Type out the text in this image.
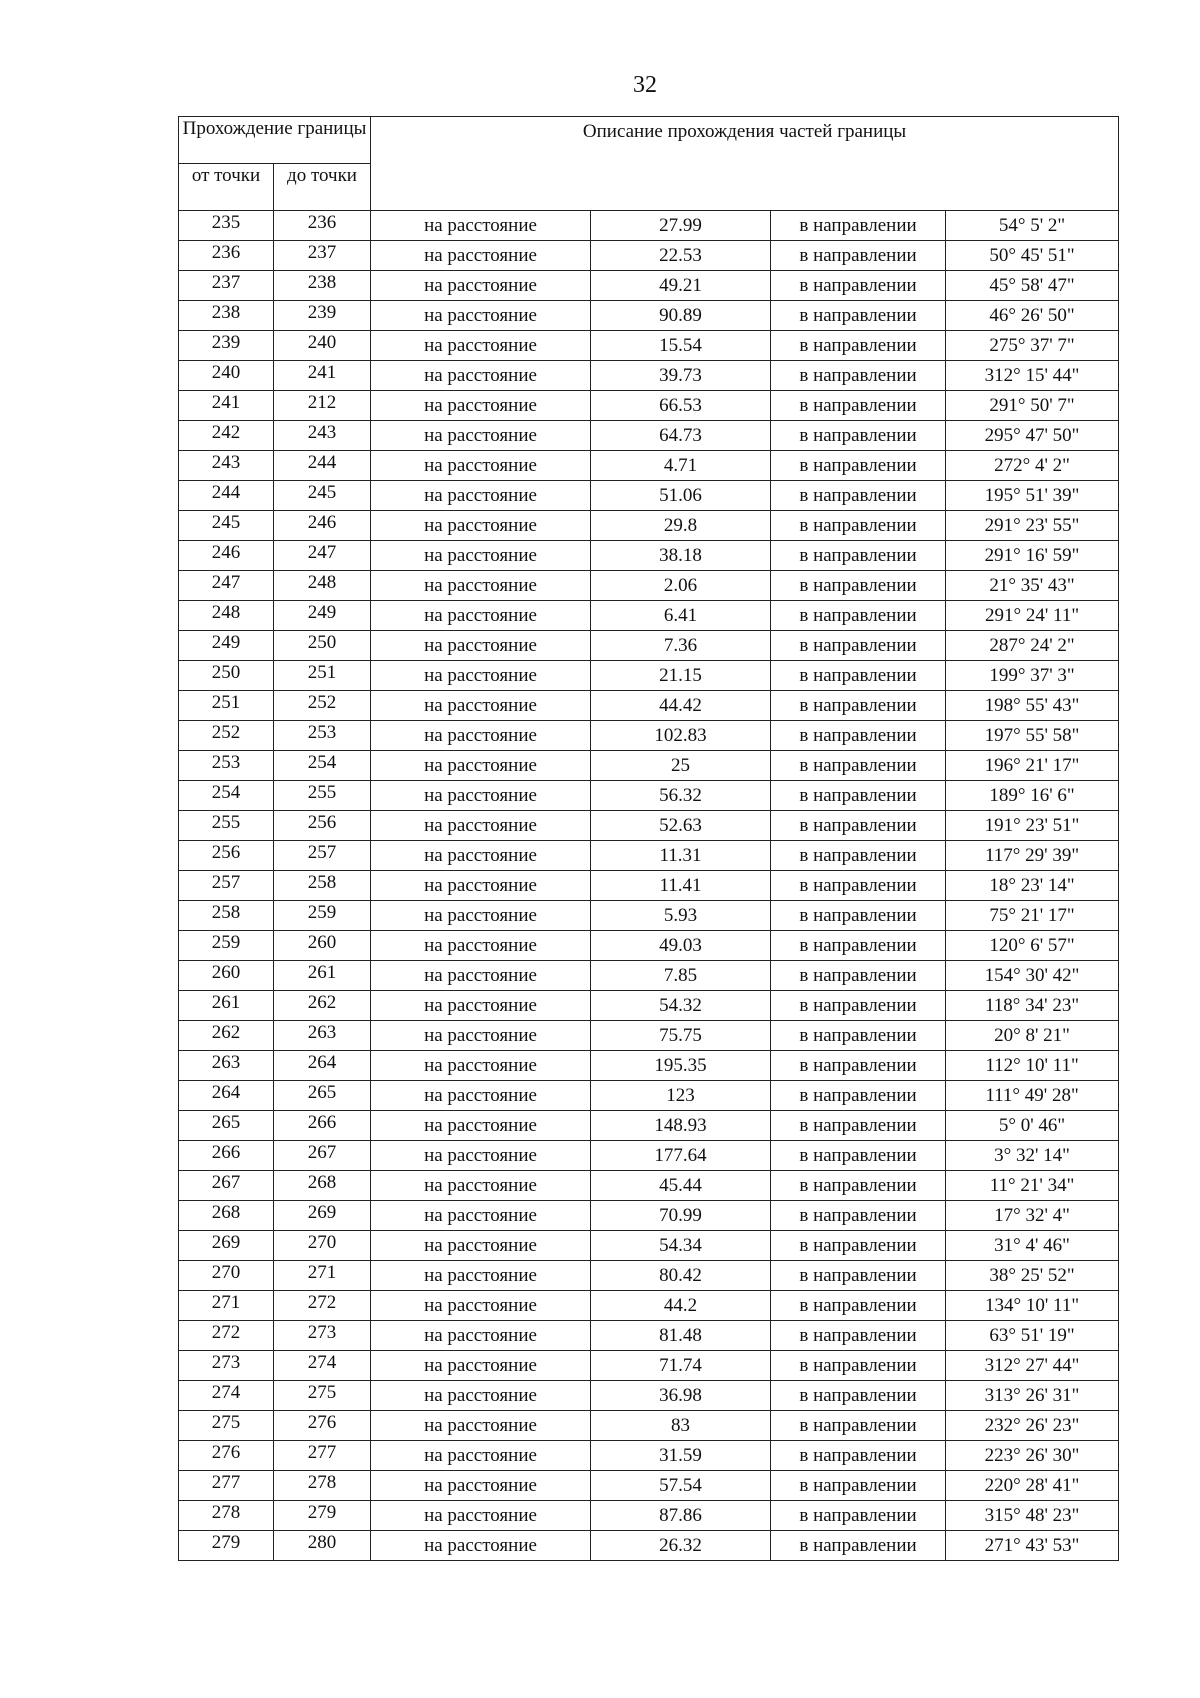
32
Прохождение границы		Описание прохождения частей границы			
от точки	до точки				
235	236	на расстояние	27.99	в направлении	54° 5' 2"
236	237	на расстояние	22.53	в направлении	50° 45' 51"
237	238	на расстояние	49.21	в направлении	45° 58' 47"
238	239	на расстояние	90.89	в направлении	46° 26' 50"
239	240	на расстояние	15.54	в направлении	275° 37' 7"
240	241	на расстояние	39.73	в направлении	312° 15' 44"
241	212	на расстояние	66.53	в направлении	291° 50' 7"
242	243	на расстояние	64.73	в направлении	295° 47' 50"
243	244	на расстояние	4.71	в направлении	272° 4' 2"
244	245	на расстояние	51.06	в направлении	195° 51' 39"
245	246	на расстояние	29.8	в направлении	291° 23' 55"
246	247	на расстояние	38.18	в направлении	291° 16' 59"
247	248	на расстояние	2.06	в направлении	21° 35' 43"
248	249	на расстояние	6.41	в направлении	291° 24' 11"
249	250	на расстояние	7.36	в направлении	287° 24' 2"
250	251	на расстояние	21.15	в направлении	199° 37' 3"
251	252	на расстояние	44.42	в направлении	198° 55' 43"
252	253	на расстояние	102.83	в направлении	197° 55' 58"
253	254	на расстояние	25	в направлении	196° 21' 17"
254	255	на расстояние	56.32	в направлении	189° 16' 6"
255	256	на расстояние	52.63	в направлении	191° 23' 51"
256	257	на расстояние	11.31	в направлении	117° 29' 39"
257	258	на расстояние	11.41	в направлении	18° 23' 14"
258	259	на расстояние	5.93	в направлении	75° 21' 17"
259	260	на расстояние	49.03	в направлении	120° 6' 57"
260	261	на расстояние	7.85	в направлении	154° 30' 42"
261	262	на расстояние	54.32	в направлении	118° 34' 23"
262	263	на расстояние	75.75	в направлении	20° 8' 21"
263	264	на расстояние	195.35	в направлении	112° 10' 11"
264	265	на расстояние	123	в направлении	111° 49' 28"
265	266	на расстояние	148.93	в направлении	5° 0' 46"
266	267	на расстояние	177.64	в направлении	3° 32' 14"
267	268	на расстояние	45.44	в направлении	11° 21' 34"
268	269	на расстояние	70.99	в направлении	17° 32' 4"
269	270	на расстояние	54.34	в направлении	31° 4' 46"
270	271	на расстояние	80.42	в направлении	38° 25' 52"
271	272	на расстояние	44.2	в направлении	134° 10' 11"
272	273	на расстояние	81.48	в направлении	63° 51' 19"
273	274	на расстояние	71.74	в направлении	312° 27' 44"
274	275	на расстояние	36.98	в направлении	313° 26' 31"
275	276	на расстояние	83	в направлении	232° 26' 23"
276	277	на расстояние	31.59	в направлении	223° 26' 30"
277	278	на расстояние	57.54	в направлении	220° 28' 41"
278	279	на расстояние	87.86	в направлении	315° 48' 23"
279	280	на расстояние	26.32	в направлении	271° 43' 53"
